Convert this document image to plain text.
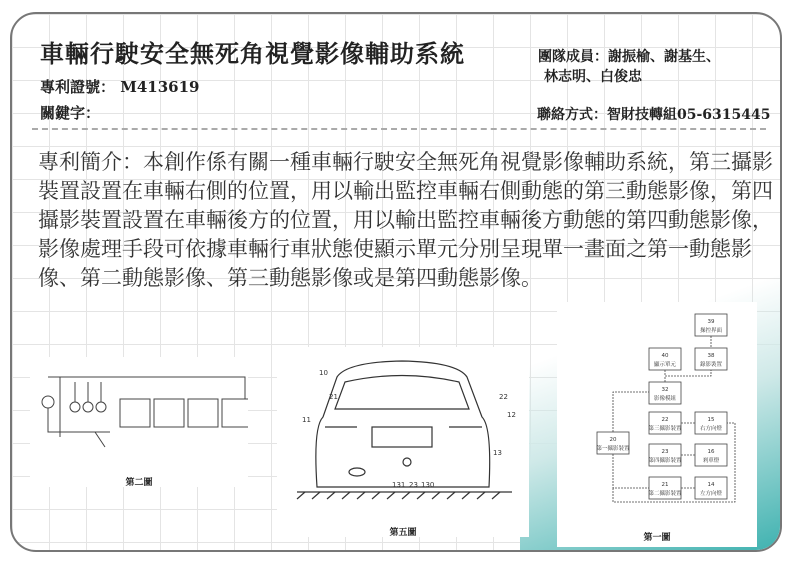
車輛行駛安全無死角視覺影像輔助系統
專利證號： M413619
關鍵字：
團隊成員：謝振榆、謝基生、
林志明、白俊忠
聯絡方式：智財技轉組05-6315445
專利簡介：本創作係有關一種車輛行駛安全無死角視覺影像輔助系統，第三攝影裝置設置在車輛右側的位置，用以輸出監控車輛右側動態的第三動態影像，第四攝影裝置設置在車輛後方的位置，用以輸出監控車輛後方動態的第四動態影像，影像處理手段可依據車輛行車狀態使顯示單元分別呈現單一畫面之第一動態影像、第二動態影像、第三動態影像或是第四動態影像。
第二圖
10
21	22
11
12
13
131 23 130
第五圖
39
操控界面
40
顯示單元
38
錄影裝置
32
影像模組
22
第三攝影裝置
15
右方向燈
20
第一攝影裝置	23
第四攝影裝置
16
剎車燈
21
第二攝影裝置
14
左方向燈
第一圖
